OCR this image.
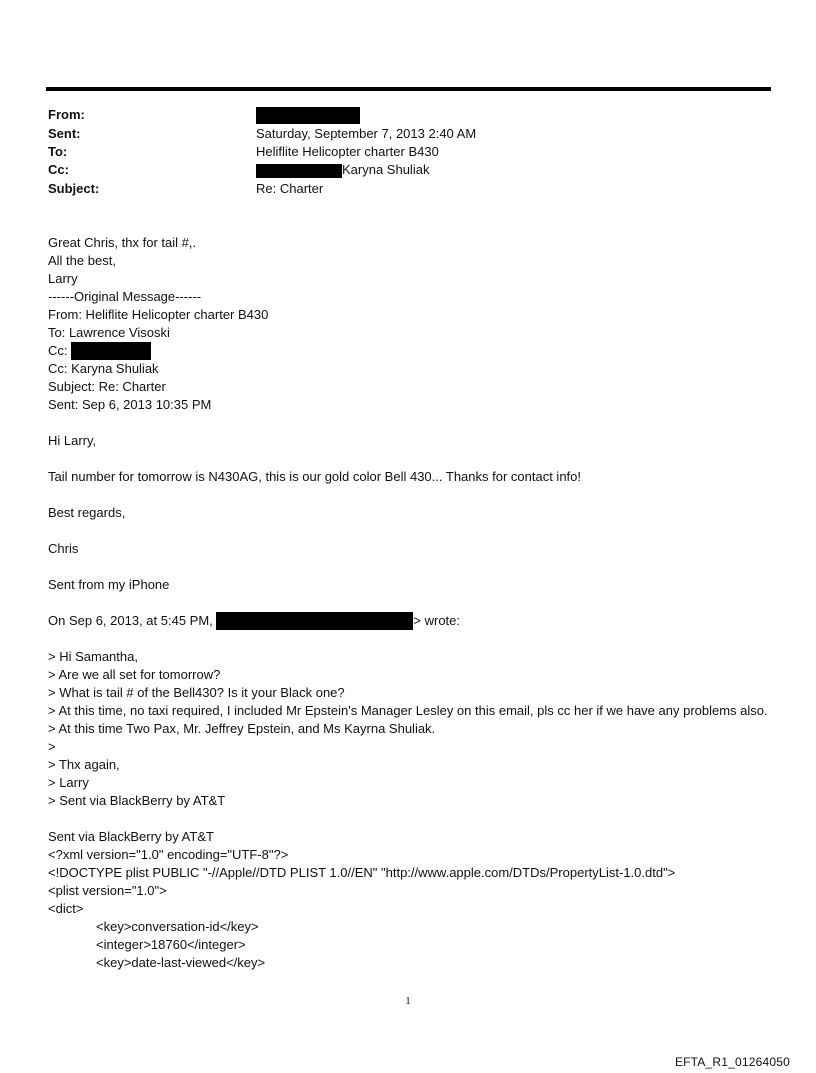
From:
Sent:	Saturday, September 7, 2013 2:40 AM
To:	Heliflite Helicopter charter B430
Cc:	Karyna Shuliak
Subject:	Re: Charter
Great Chris, thx for tail #,.
All the best,
Larry
------Original Message------
From: Heliflite Helicopter charter B430
To: Lawrence Visoski
Cc:
Cc: Karyna Shuliak
Subject: Re: Charter
Sent: Sep 6, 2013 10:35 PM
Hi Larry,
Tail number for tomorrow is N430AG, this is our gold color Bell 430... Thanks for contact info!
Best regards,
Chris
Sent from my iPhone
On Sep 6, 2013, at 5:45 PM,	> wrote:
> Hi Samantha,
> Are we all set for tomorrow?
> What is tail # of the Bell430? Is it your Black one?
> At this time, no taxi required, I included Mr Epstein's Manager Lesley on this email, pls cc her if we have any problems also.
> At this time Two Pax, Mr. Jeffrey Epstein, and Ms Kayrna Shuliak.
>
> Thx again,
> Larry
> Sent via BlackBerry by AT&T
Sent via BlackBerry by AT&T
<?xml version="1.0" encoding="UTF-8"?>
<!DOCTYPE plist PUBLIC "-//Apple//DTD PLIST 1.0//EN" "http://www.apple.com/DTDs/PropertyList-1.0.dtd">
<plist version="1.0">
<dict>
<key>conversation-id</key>
<integer>18760</integer>
<key>date-last-viewed</key>
1
EFTA_R1_01264050
